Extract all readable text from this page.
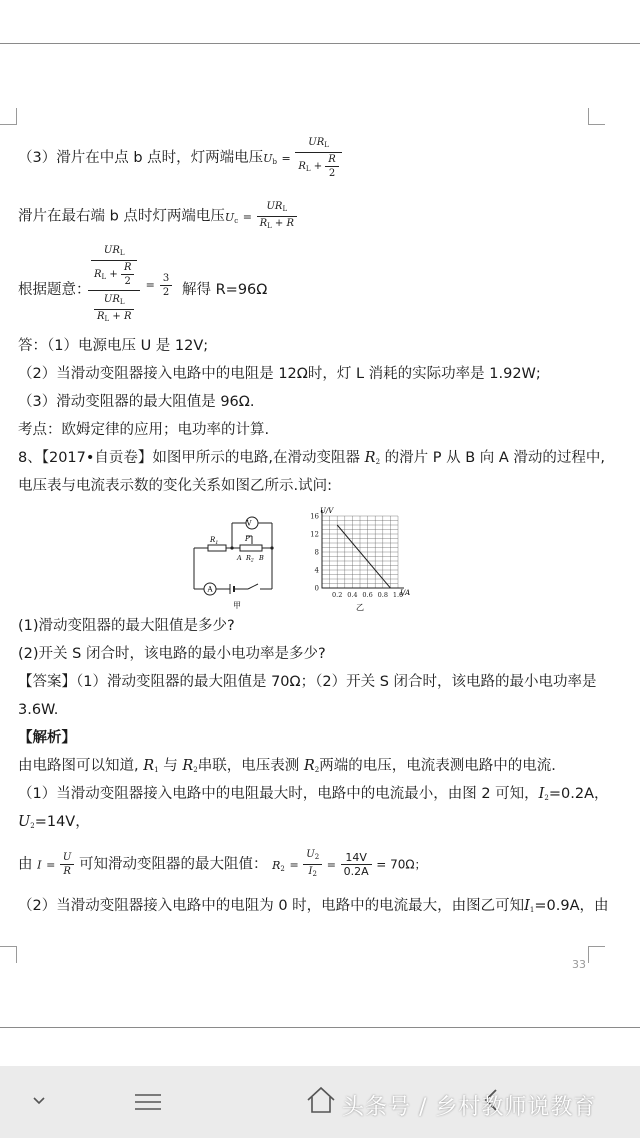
（3）滑片在中点 b 点时，灯两端电压$U_b = \frac{UR_L}{R_L + \frac{R}{2}}$
滑片在最右端 b 点时灯两端电压$U_c = \frac{UR_L}{R_L + R}$
根据题意：
$\frac{\frac{UR_L}{R_L + \frac{R}{2}}}{\frac{UR_L}{R_L + R}} = \frac{3}{2}$ 解得 R=96Ω
答：（1）电源电压 U 是 12V;
（2）当滑动变阻器接入电路中的电阻是 12Ω时，灯 L 消耗的实际功率是 1.92W;
（3）滑动变阻器的最大阻值是 96Ω.
考点：欧姆定律的应用；电功率的计算.
8、【2017•自贡卷】如图甲所示的电路,在滑动变阻器 $R_2$ 的滑片 P 从 B 向 A 滑动的过程中,
电压表与电流表示数的变化关系如图乙所示.试问:
$R_1$
V
A
P
A $R_2$ B
甲
0.2 0.4 0.6 0.8 1.0
16
12
8
4
0
U/V
I/A
乙
(1)滑动变阻器的最大阻值是多少?
(2)开关 S 闭合时，该电路的最小电功率是多少?
【答案】（1）滑动变阻器的最大阻值是 70Ω；（2）开关 S 闭合时，该电路的最小电功率是
3.6W.
【解析】
由电路图可以知道, $R_1$ 与 $R_2$串联，电压表测 $R_2$两端的电压，电流表测电路中的电流.
（1）当滑动变阻器接入电路中的电阻最大时，电路中的电流最小，由图 2 可知，$I_2=0.2A$，
$U_2=14V$，
由 $I = \frac{U}{R}$ 可知滑动变阻器的最大阻值： $R_2 = \frac{U_2}{I_2} = \frac{14V}{0.2A} = 70\Omega$；
（2）当滑动变阻器接入电路中的电阻为 0 时，电路中的电流最大，由图乙可知$I_1=0.9A$，由
33
头条号 / 乡村教师说教育
